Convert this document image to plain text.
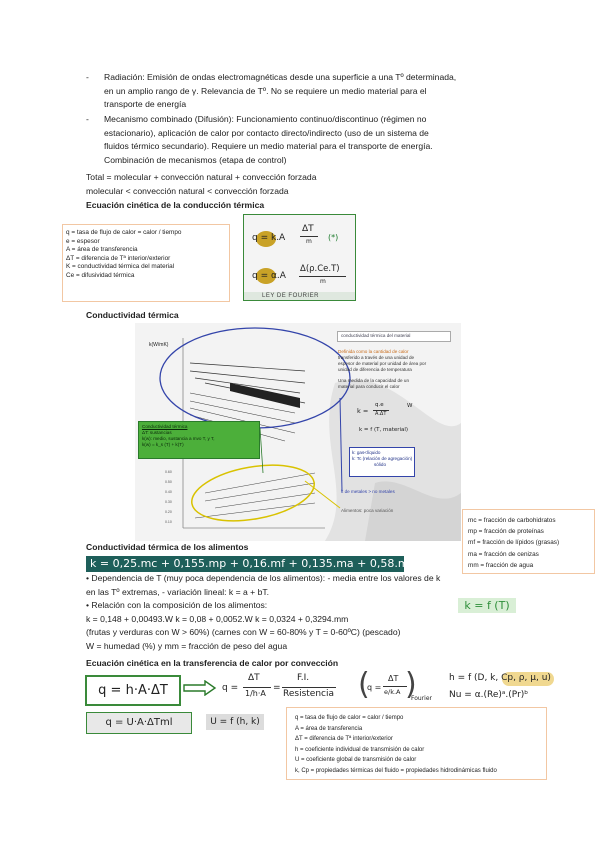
- Radiación: Emisión de ondas electromagnéticas desde una superficie a una Tº determinada,
en un amplio rango de γ. Relevancia de Tº. No se requiere un medio material para el
transporte de energía
- Mecanismo combinado (Difusión): Funcionamiento continuo/discontinuo (régimen no
estacionario), aplicación de calor por contacto directo/indirecto (uso de un sistema de
fluidos térmico secundario). Requiere un medio material para el transporte de energía.
Combinación de mecanismos (etapa de control)
Total = molecular + convección natural + convección forzada
molecular < convección natural < convección forzada
Ecuación cinética de la conducción térmica
q = tasa de flujo de calor = calor / tiempo
e = espesor
A = área de transferencia
ΔT = diferencia de Tª interior/exterior
K = conductividad térmica del material
Ce = difusividad térmica
q = k.A
ΔT
m (*)
q = α.A
Δ(ρ.Ce.T)
m
LEY DE FOURIER
Conductividad térmica
0.60
0.50
0.40
0.30
0.20
0.10
k(W/mK)
conductividad térmica del material
Definida como la cantidad de calor
transferido a través de una unidad de
espesor de material por unidad de área por
unidad de diferencia de temperatura
Una medida de la capacidad de un
material para conducir el calor
k =
q.e
A.ΔT
W
k = f (T, material)
k: gas<líquido
k: Tc (relación de agregación)
sólido
k de metales > no metales
Alimentos: poca variación
Conductividad térmica
ΔT: sustancias
k(w): medio, sustancia a mvo T, y T,
k(w) = k_s (T) + k(T)
mc = fracción de carbohidratos
mp = fracción de proteínas
mf = fracción de lípidos (grasas)
ma = fracción de cenizas
mm = fracción de agua
Conductividad térmica de los alimentos
k = 0,25.mc + 0,155.mp + 0,16.mf + 0,135.ma + 0,58.mm
• Dependencia de T (muy poca dependencia de los alimentos): - media entre los valores de k
en las Tº extremas, - variación lineal: k = a + bT.
• Relación con la composición de los alimentos:
k = 0,148 + 0,00493.W k = 0,08 + 0,0052.W k = 0,0324 + 0,3294.mm
(frutas y verduras con W > 60%) (carnes con W = 60-80% y T = 0-60ºC) (pescado)
W = humedad (%) y mm = fracción de peso del agua
k = f (T)
Ecuación cinética en la transferencia de calor por convección
q = h·A·ΔT	q =
ΔT
1/h·A
=
F.I.
Resistencia (
q =
ΔT
e/k.A )
Fourier
h = f (D, k, Cp, ρ, μ, u)
Nu = α.(Re)ᵃ.(Pr)ᵇ
q = U·A·ΔTml	U = f (h, k)	q = tasa de flujo de calor = calor / tiempo
A = área de transferencia
ΔT = diferencia de Tª interior/exterior
h = coeficiente individual de transmisión de calor
U = coeficiente global de transmisión de calor
k, Cp = propiedades térmicas del fluido = propiedades hidrodinámicas fluido
